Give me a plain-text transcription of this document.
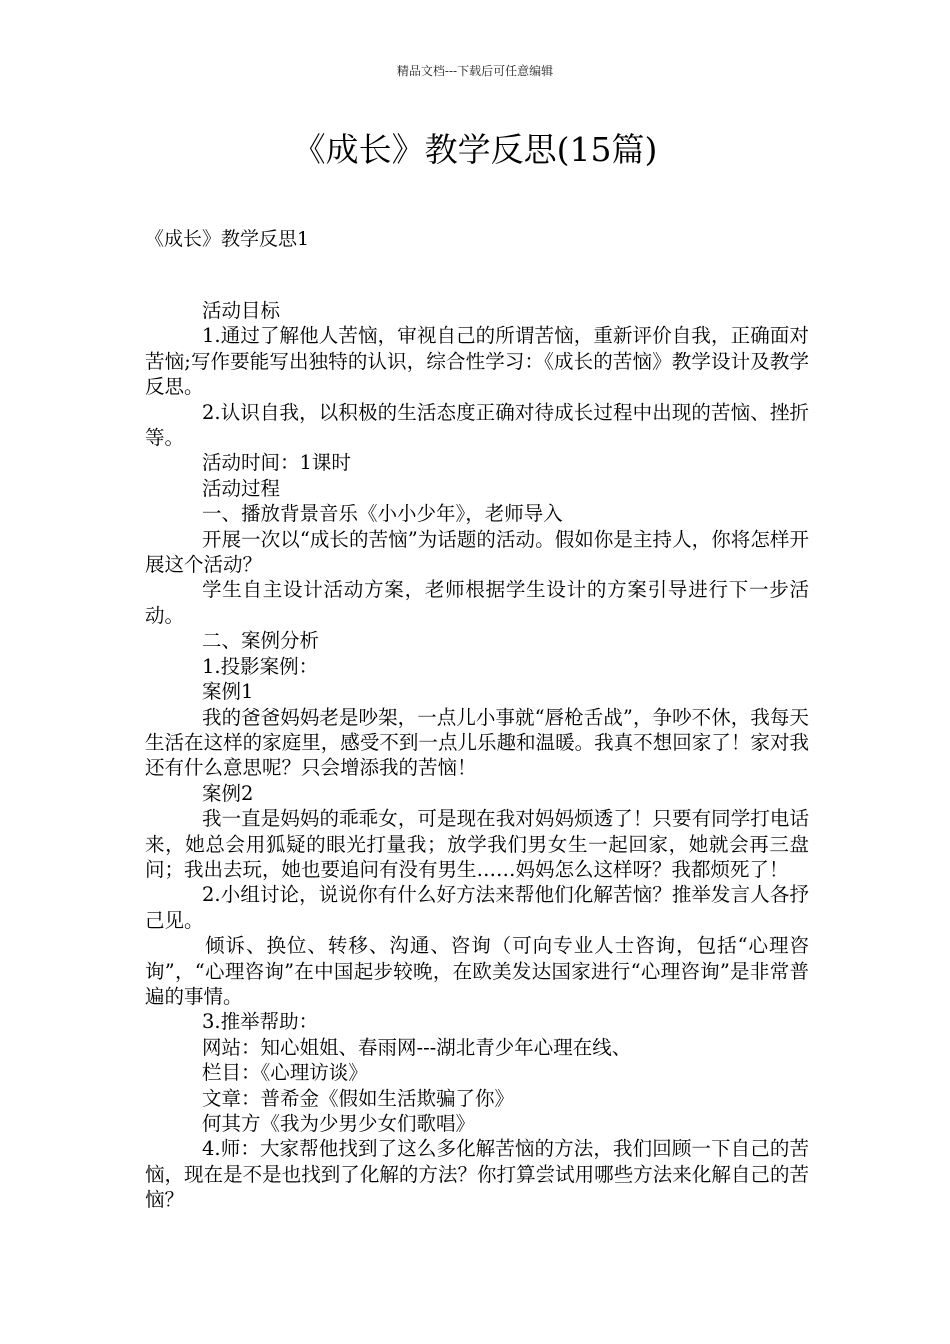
精品文档---下载后可任意编辑
《成长》教学反思(15篇)
《成长》教学反思1

活动目标

1.通过了解他人苦恼，审视自己的所谓苦恼，重新评价自我，正确面对苦恼;写作要能写出独特的认识，综合性学习：《成长的苦恼》教学设计及教学反思。

2.认识自我，以积极的生活态度正确对待成长过程中出现的苦恼、挫折等。

活动时间：1课时

活动过程

一、播放背景音乐《小小少年》，老师导入

开展一次以“成长的苦恼”为话题的活动。假如你是主持人，你将怎样开展这个活动？

学生自主设计活动方案，老师根据学生设计的方案引导进行下一步活动。

二、案例分析

1.投影案例：

案例1

我的爸爸妈妈老是吵架，一点儿小事就“唇枪舌战”，争吵不休，我每天生活在这样的家庭里，感受不到一点儿乐趣和温暖。我真不想回家了！家对我还有什么意思呢？只会增添我的苦恼！

案例2

我一直是妈妈的乖乖女，可是现在我对妈妈烦透了！只要有同学打电话来，她总会用狐疑的眼光打量我；放学我们男女生一起回家，她就会再三盘问；我出去玩，她也要追问有没有男生……妈妈怎么这样呀？我都烦死了！

2.小组讨论，说说你有什么好方法来帮他们化解苦恼？推举发言人各抒己见。

倾诉、换位、转移、沟通、咨询（可向专业人士咨询，包括“心理咨询”，“心理咨询”在中国起步较晚，在欧美发达国家进行“心理咨询”是非常普遍的事情。

3.推举帮助：

网站：知心姐姐、春雨网---湖北青少年心理在线、

栏目：《心理访谈》

文章：普希金《假如生活欺骗了你》

何其方《我为少男少女们歌唱》

4.师：大家帮他找到了这么多化解苦恼的方法，我们回顾一下自己的苦恼，现在是不是也找到了化解的方法？你打算尝试用哪些方法来化解自己的苦恼？
